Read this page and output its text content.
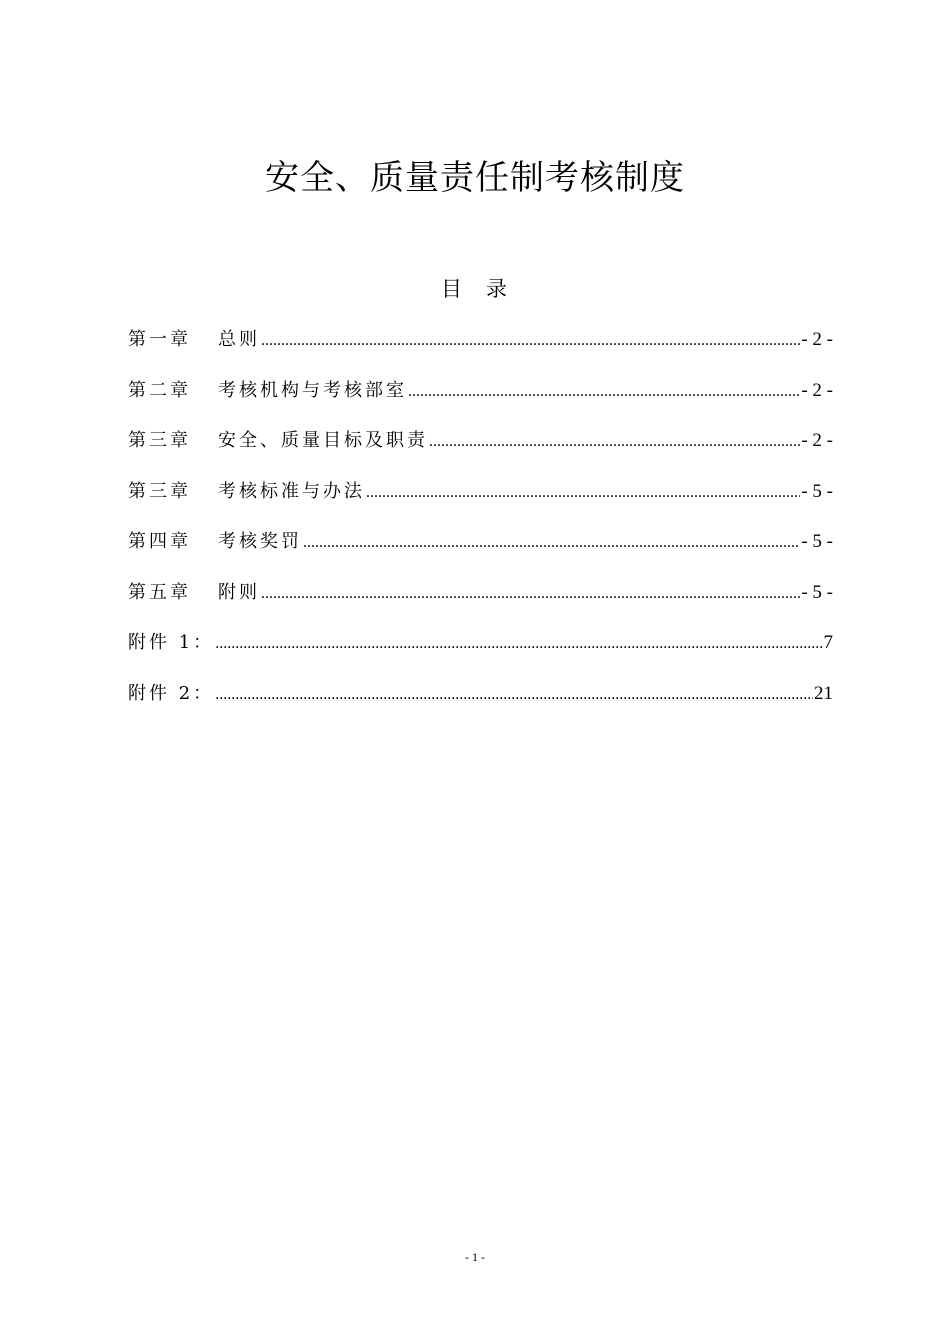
安全、质量责任制考核制度
目 录
第一章	总则 .....	- 2 -
第二章	考核机构与考核部室 .....	- 2 -
第三章	安全、质量目标及职责 .....	- 2 -
第三章	考核标准与办法 .....	- 5 -
第四章	考核奖罚 .....	- 5 -
第五章	附则 .....	- 5 -
附件 1： .....	7
附件 2： .....	21
- 1 -
